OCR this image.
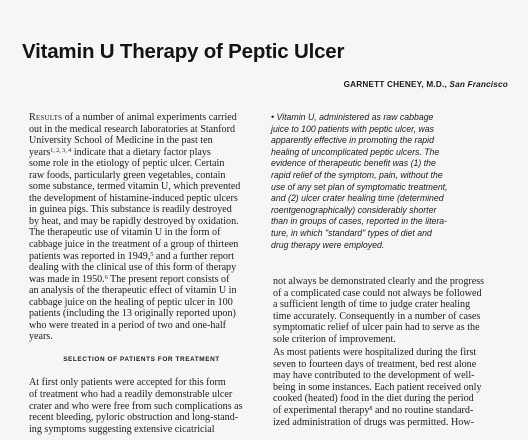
Vitamin U Therapy of Peptic Ulcer
GARNETT CHENEY, M.D., San Francisco
Results of a number of animal experiments carried
out in the medical research laboratories at Stanford
University School of Medicine in the past ten
years$^{1, 2, 3, 4}$ indicate that a dietary factor plays
some role in the etiology of peptic ulcer. Certain
raw foods, particularly green vegetables, contain
some substance, termed vitamin U, which prevented
the development of histamine-induced peptic ulcers
in guinea pigs. This substance is readily destroyed
by heat, and may be rapidly destroyed by oxidation.
The therapeutic use of vitamin U in the form of
cabbage juice in the treatment of a group of thirteen
patients was reported in 1949,$^5$ and a further report
dealing with the clinical use of this form of therapy
was made in 1950.$^6$ The present report consists of
an analysis of the therapeutic effect of vitamin U in
cabbage juice on the healing of peptic ulcer in 100
patients (including the 13 originally reported upon)
who were treated in a period of two and one-half
years.
SELECTION OF PATIENTS FOR TREATMENT
At first only patients were accepted for this form
of treatment who had a readily demonstrable ulcer
crater and who were free from such complications as
recent bleeding, pyloric obstruction and long-stand-
ing symptoms suggesting extensive cicatricial
• Vitamin U, administered as raw cabbage
juice to 100 patients with peptic ulcer, was
apparently effective in promoting the rapid
healing of uncomplicated peptic ulcers. The
evidence of therapeutic benefit was (1) the
rapid relief of the symptom, pain, without the
use of any set plan of symptomatic treatment,
and (2) ulcer crater healing time (determined
roentgenographically) considerably shorter
than in groups of cases, reported in the litera-
ture, in which "standard" types of diet and
drug therapy were employed.
not always be demonstrated clearly and the progress
of a complicated case could not always be followed
a sufficient length of time to judge crater healing
time accurately. Consequently in a number of cases
symptomatic relief of ulcer pain had to serve as the
sole criterion of improvement.
As most patients were hospitalized during the first
seven to fourteen days of treatment, bed rest alone
may have contributed to the development of well-
being in some instances. Each patient received only
cooked (heated) food in the diet during the period
of experimental therapy$^8$ and no routine standard-
ized administration of drugs was permitted. How-
